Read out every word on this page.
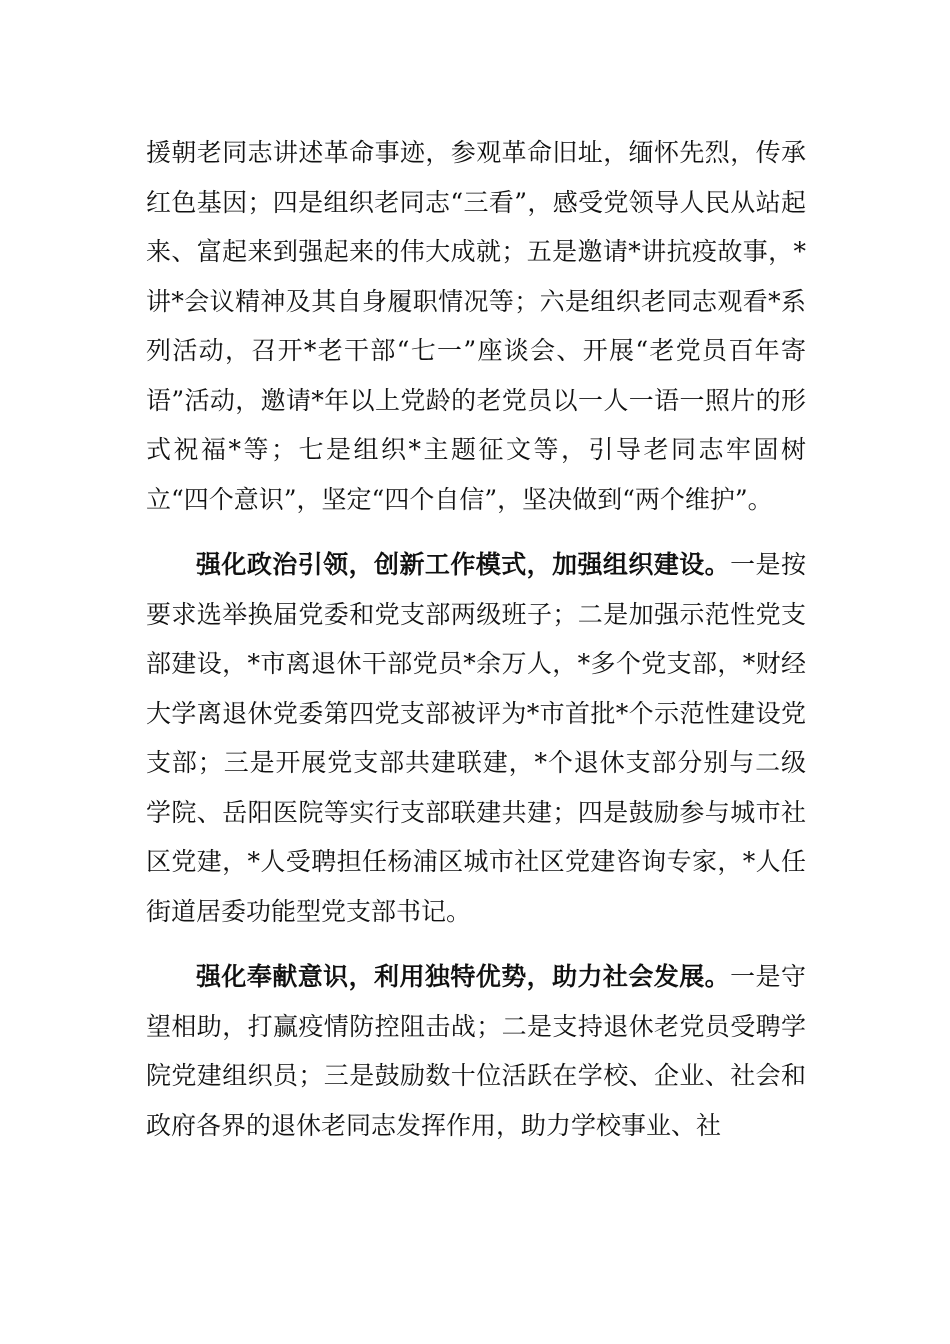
援朝老同志讲述革命事迹，参观革命旧址，缅怀先烈，传承红色基因；四是组织老同志“三看”，感受党领导人民从站起来、富起来到强起来的伟大成就；五是邀请*讲抗疫故事，*讲*会议精神及其自身履职情况等；六是组织老同志观看*系列活动，召开*老干部“七一”座谈会、开展“老党员百年寄语”活动，邀请*年以上党龄的老党员以一人一语一照片的形式祝福*等；七是组织*主题征文等，引导老同志牢固树立“四个意识”，坚定“四个自信”，坚决做到“两个维护”。

强化政治引领，创新工作模式，加强组织建设。一是按要求选举换届党委和党支部两级班子；二是加强示范性党支部建设，*市离退休干部党员*余万人，*多个党支部，*财经大学离退休党委第四党支部被评为*市首批*个示范性建设党支部；三是开展党支部共建联建，*个退休支部分别与二级学院、岳阳医院等实行支部联建共建；四是鼓励参与城市社区党建，*人受聘担任杨浦区城市社区党建咨询专家，*人任街道居委功能型党支部书记。

强化奉献意识，利用独特优势，助力社会发展。一是守望相助，打赢疫情防控阻击战；二是支持退休老党员受聘学院党建组织员；三是鼓励数十位活跃在学校、企业、社会和政府各界的退休老同志发挥作用，助力学校事业、社
